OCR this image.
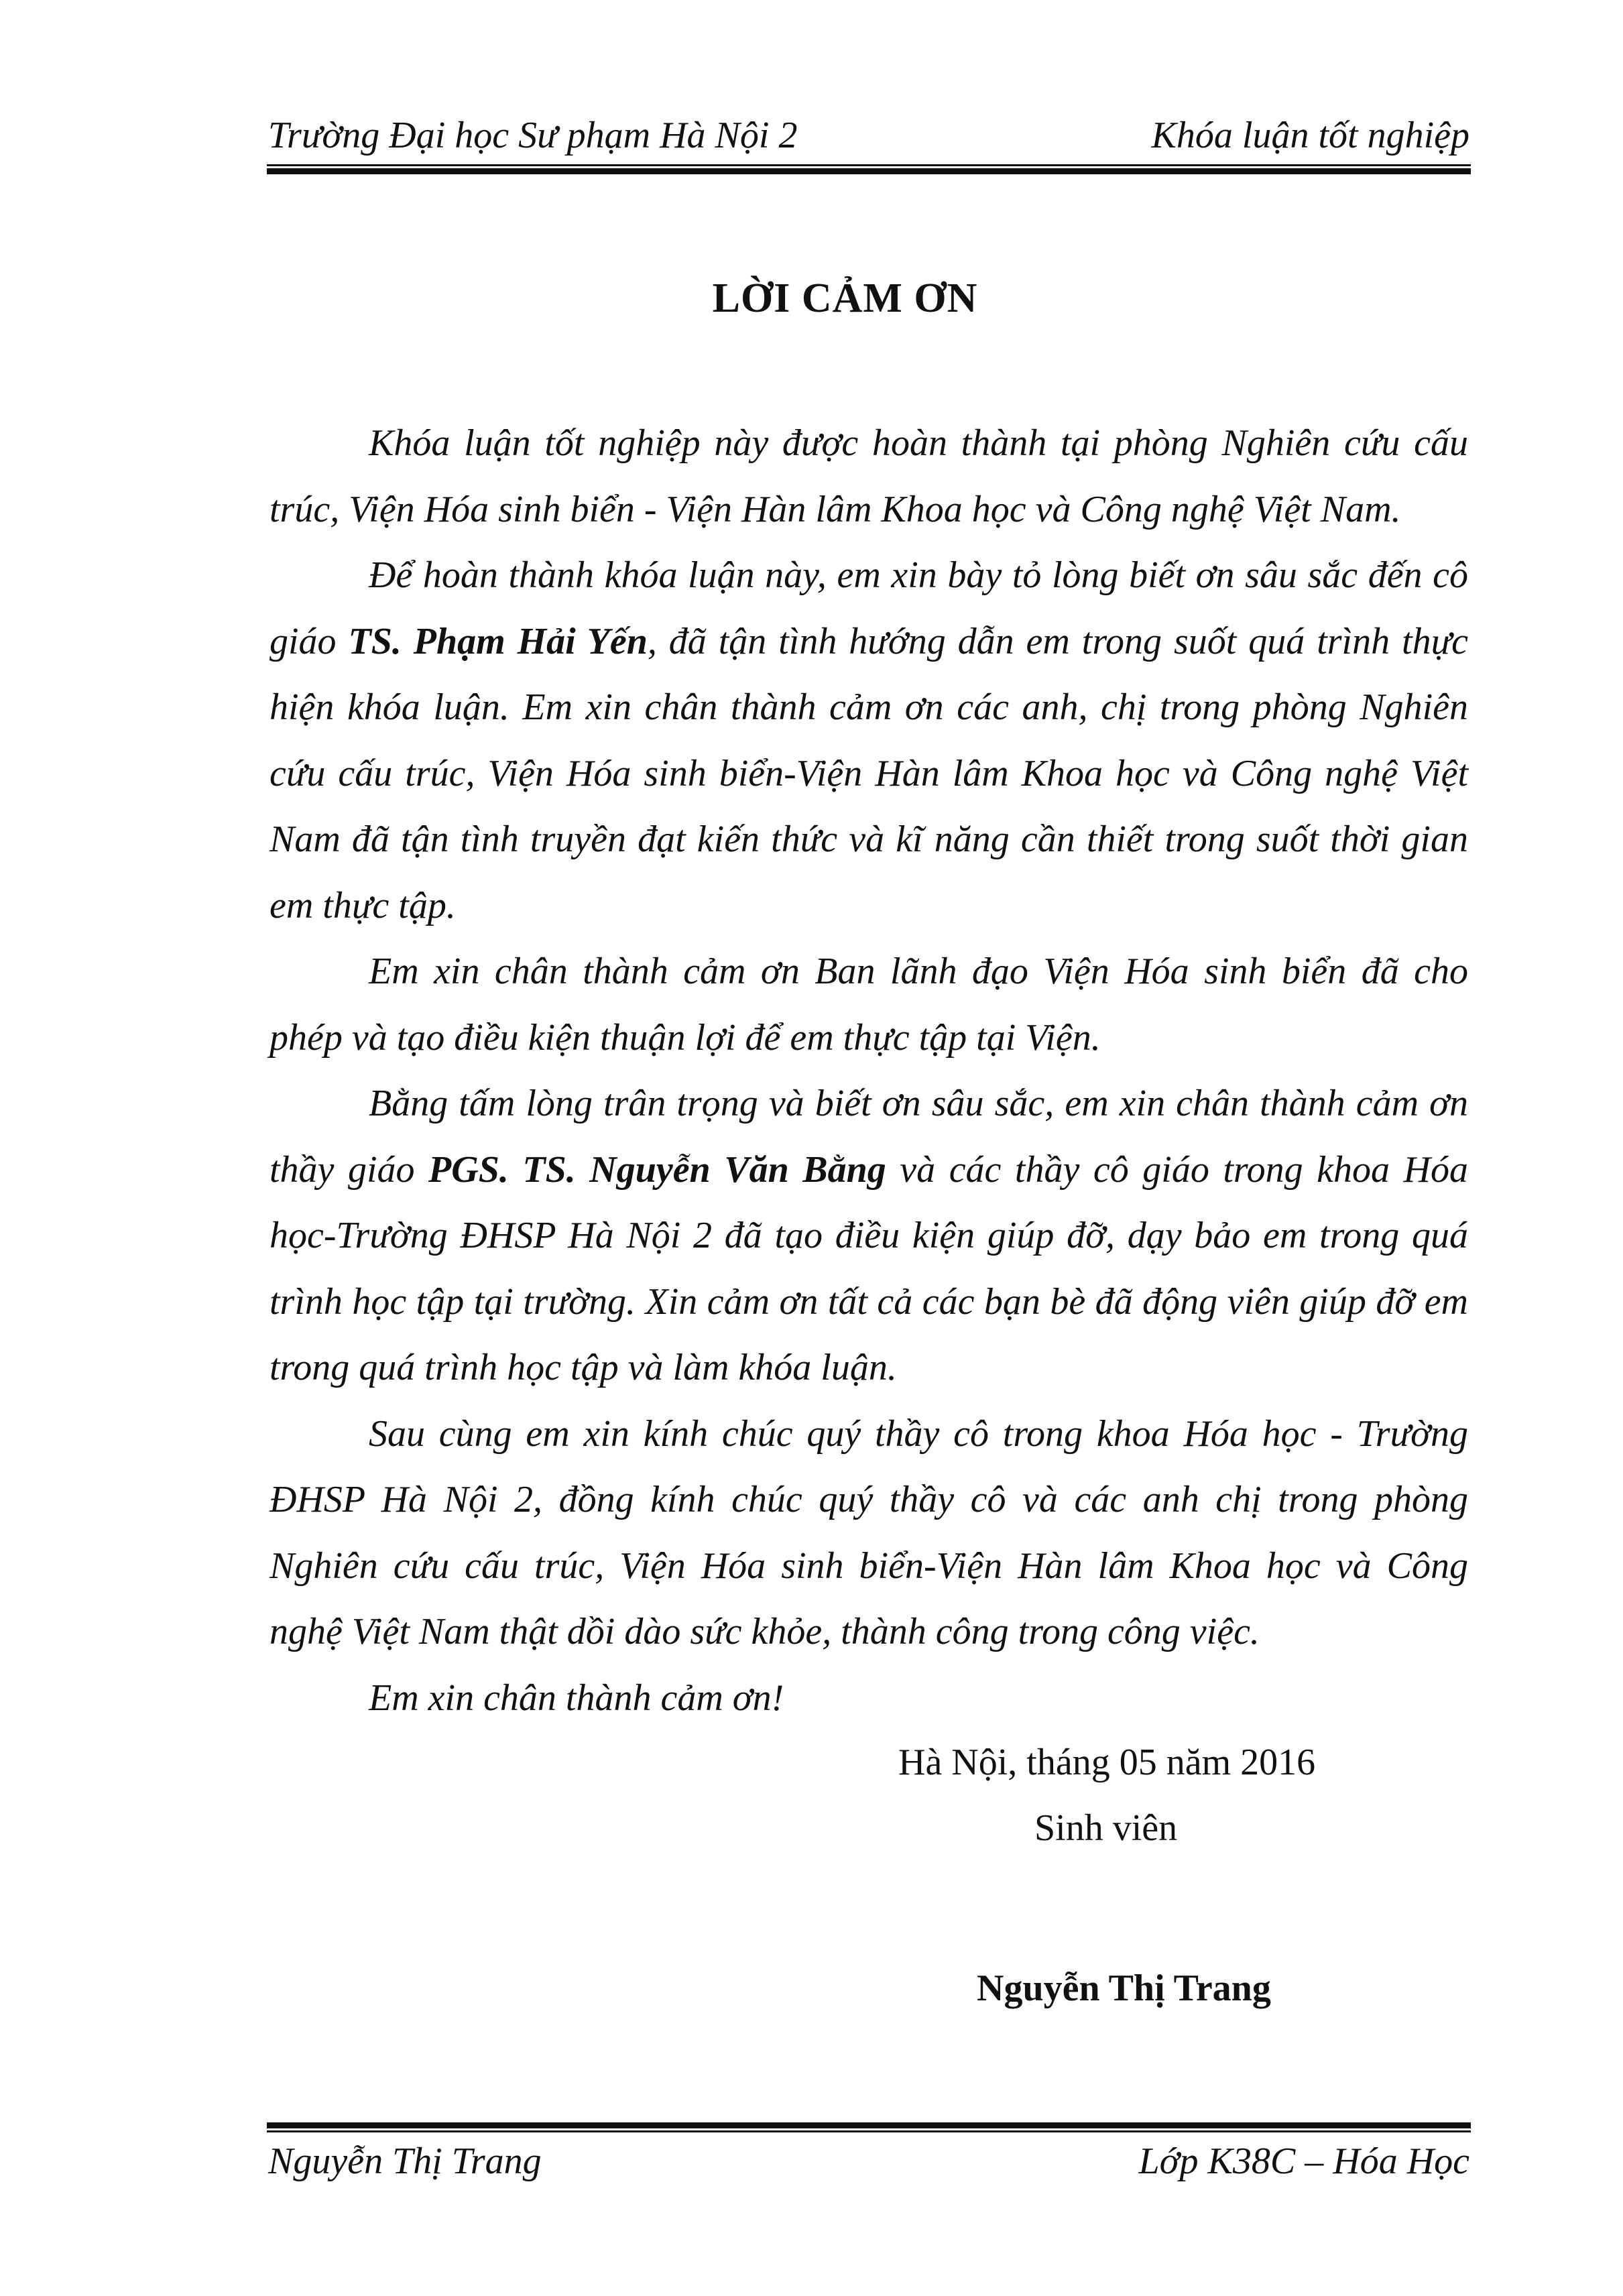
Trường Đại học Sư phạm Hà Nội 2	Khóa luận tốt nghiệp
LỜI CẢM ƠN

Khóa luận tốt nghiệp này được hoàn thành tại phòng Nghiên cứu cấu trúc, Viện Hóa sinh biển - Viện Hàn lâm Khoa học và Công nghệ Việt Nam.

Để hoàn thành khóa luận này, em xin bày tỏ lòng biết ơn sâu sắc đến cô giáo TS. Phạm Hải Yến, đã tận tình hướng dẫn em trong suốt quá trình thực hiện khóa luận. Em xin chân thành cảm ơn các anh, chị trong phòng Nghiên cứu cấu trúc, Viện Hóa sinh biển-Viện Hàn lâm Khoa học và Công nghệ Việt Nam đã tận tình truyền đạt kiến thức và kĩ năng cần thiết trong suốt thời gian em thực tập.

Em xin chân thành cảm ơn Ban lãnh đạo Viện Hóa sinh biển đã cho phép và tạo điều kiện thuận lợi để em thực tập tại Viện.

Bằng tấm lòng trân trọng và biết ơn sâu sắc, em xin chân thành cảm ơn thầy giáo PGS. TS. Nguyễn Văn Bằng và các thầy cô giáo trong khoa Hóa học-Trường ĐHSP Hà Nội 2 đã tạo điều kiện giúp đỡ, dạy bảo em trong quá trình học tập tại trường. Xin cảm ơn tất cả các bạn bè đã động viên giúp đỡ em trong quá trình học tập và làm khóa luận.

Sau cùng em xin kính chúc quý thầy cô trong khoa Hóa học - Trường ĐHSP Hà Nội 2, đồng kính chúc quý thầy cô và các anh chị trong phòng Nghiên cứu cấu trúc, Viện Hóa sinh biển-Viện Hàn lâm Khoa học và Công nghệ Việt Nam thật dồi dào sức khỏe, thành công trong công việc.

Em xin chân thành cảm ơn!

Hà Nội, tháng 05 năm 2016
Sinh viên
Nguyễn Thị Trang
Nguyễn Thị Trang	Lớp K38C – Hóa Học
